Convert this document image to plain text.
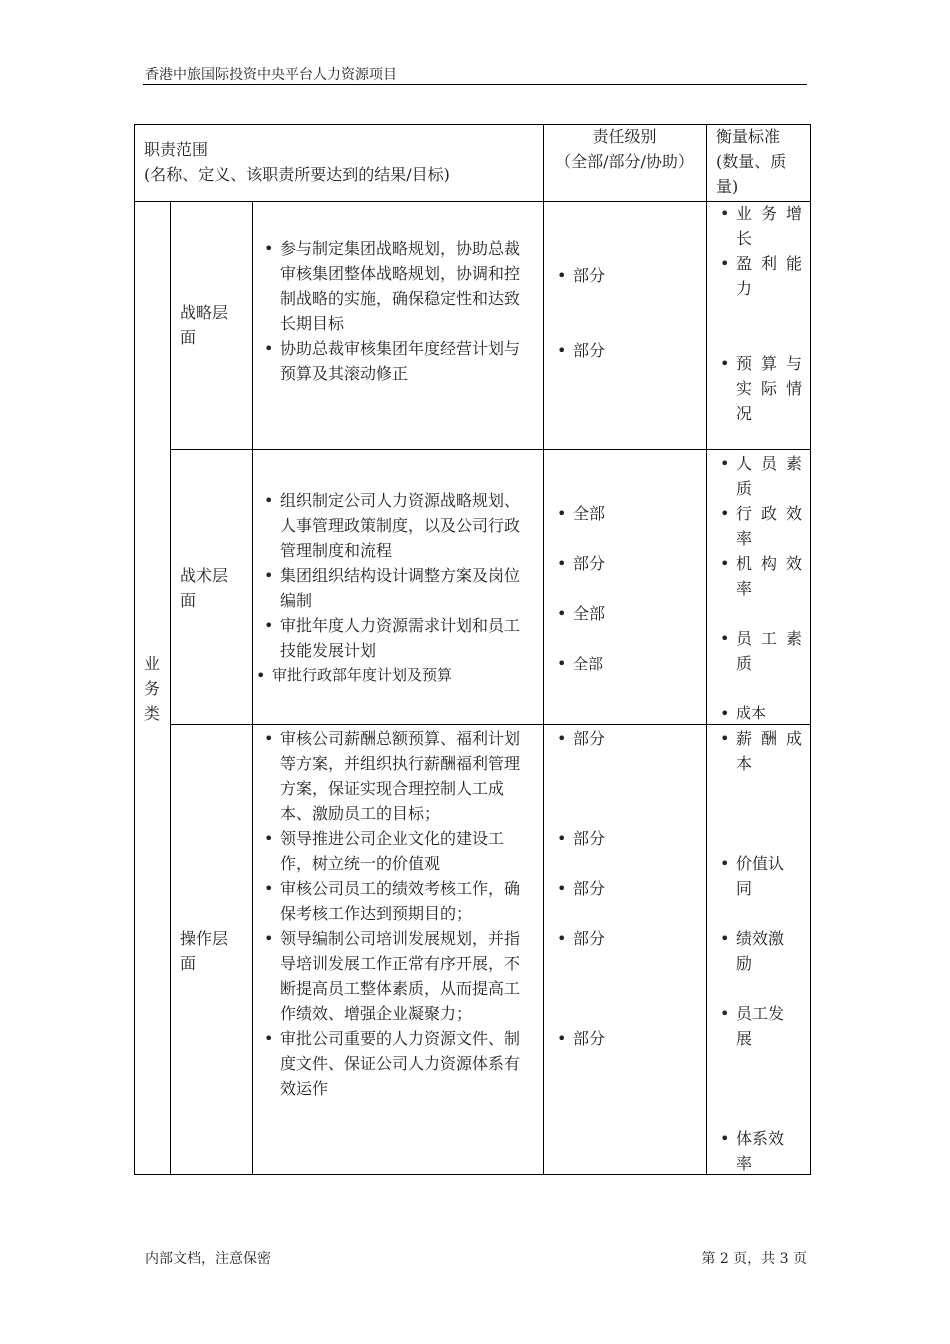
香港中旅国际投资中央平台人力资源项目
职责范围
(名称、定义、该职责所要达到的结果/目标)
责任级别
（全部/部分/协助）
衡量标准
(数量、质
量)
业
务
类
战略层
面
• 参与制定集团战略规划，协助总裁
审核集团整体战略规划，协调和控
制战略的实施，确保稳定性和达致
长期目标
• 协助总裁审核集团年度经营计划与
预算及其滚动修正
• 部分
• 部分
• 业 务 增
长
• 盈 利 能
力
• 预 算 与
实 际 情
况
战术层
面
• 组织制定公司人力资源战略规划、
人事管理政策制度，以及公司行政
管理制度和流程
• 集团组织结构设计调整方案及岗位
编制
• 审批年度人力资源需求计划和员工
技能发展计划
• 审批行政部年度计划及预算
• 全部
• 部分
• 全部
• 全部
• 人 员 素
质
• 行 政 效
率
• 机 构 效
率
• 员 工 素
质
• 成本
操作层
面
• 审核公司薪酬总额预算、福利计划
等方案，并组织执行薪酬福利管理
方案，保证实现合理控制人工成
本、激励员工的目标；
• 领导推进公司企业文化的建设工
作，树立统一的价值观
• 审核公司员工的绩效考核工作，确
保考核工作达到预期目的；
• 领导编制公司培训发展规划，并指
导培训发展工作正常有序开展，不
断提高员工整体素质，从而提高工
作绩效、增强企业凝聚力；
• 审批公司重要的人力资源文件、制
度文件、保证公司人力资源体系有
效运作
• 部分
• 部分
• 部分
• 部分
• 部分
• 薪 酬 成
本
• 价值认
同
• 绩效激
励
• 员工发
展
• 体系效
率
内部文档，注意保密	第 2 页，共 3 页
